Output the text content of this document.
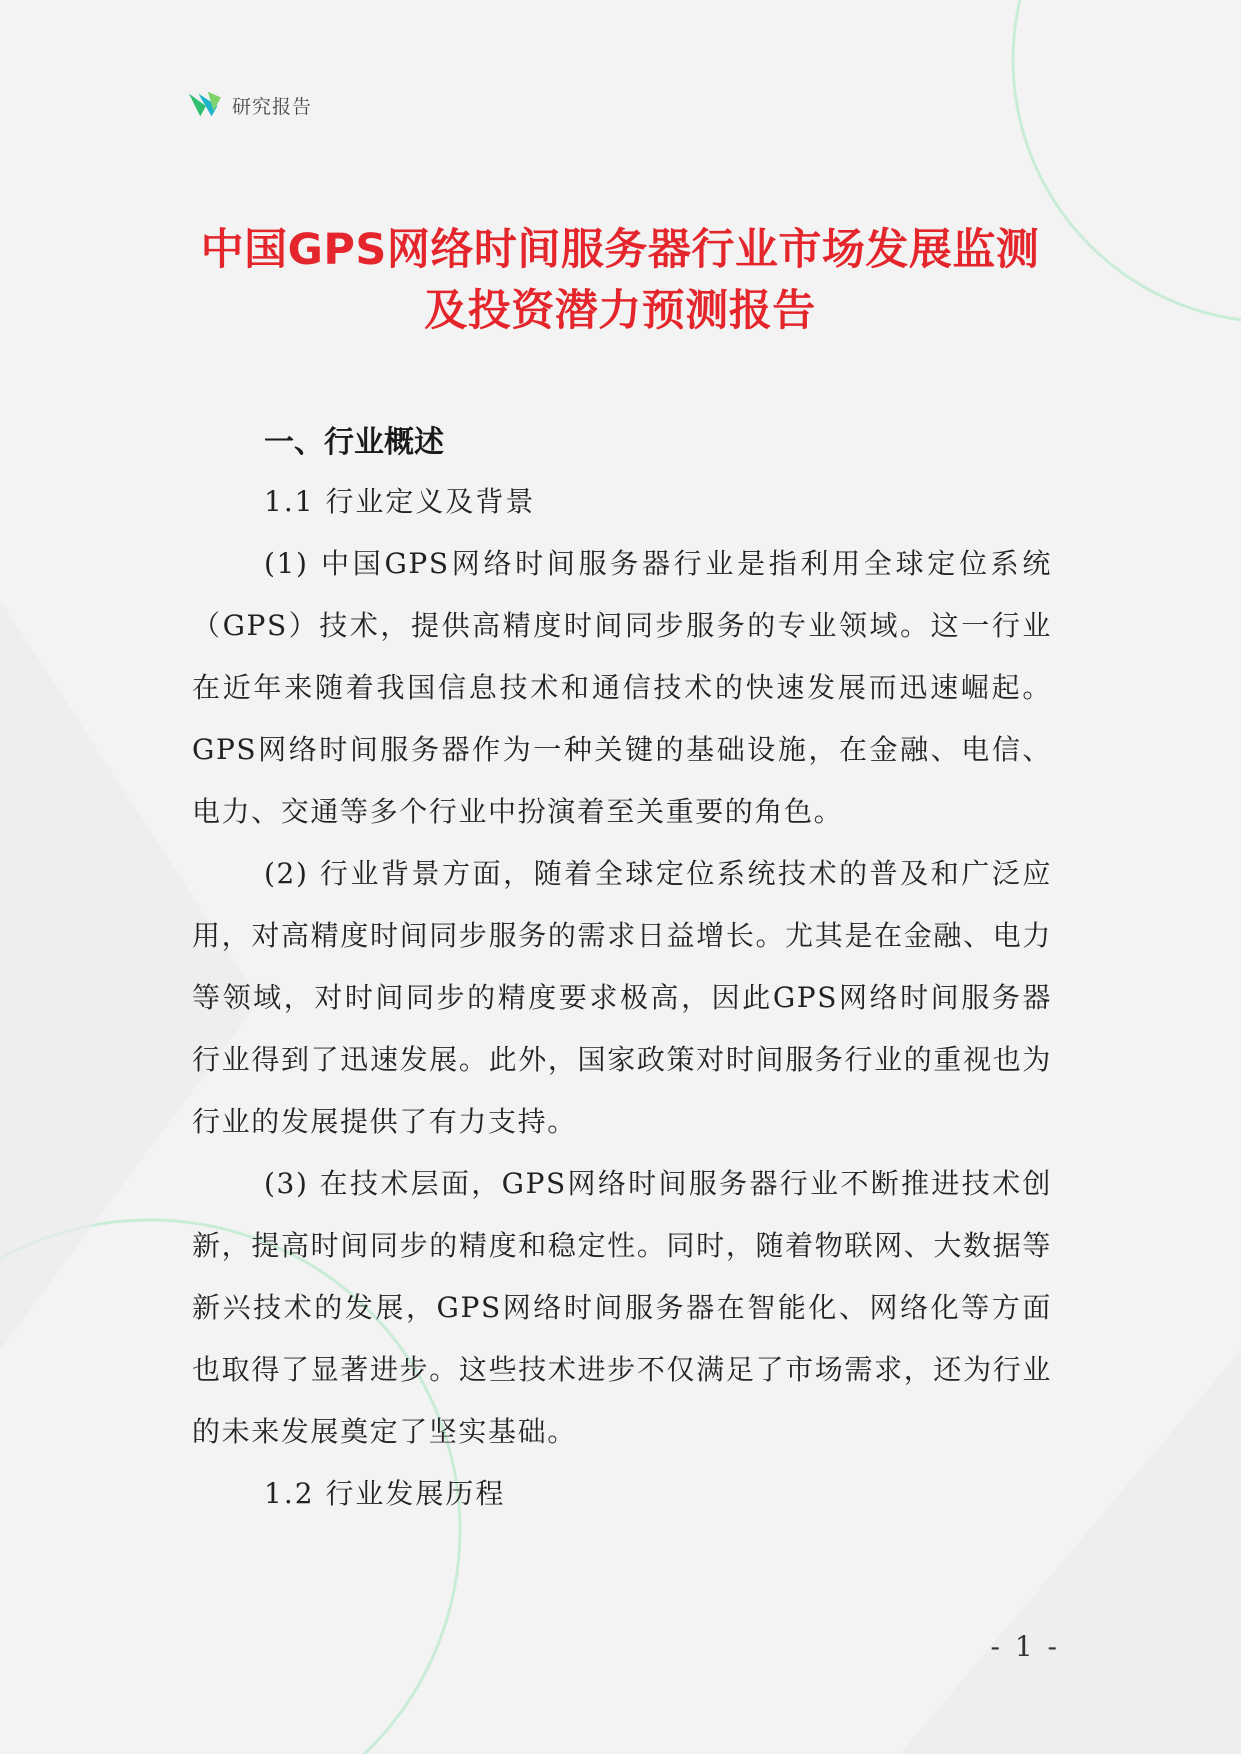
研究报告
中国GPS网络时间服务器行业市场发展监测
及投资潜力预测报告
一、行业概述
1.1 行业定义及背景

(1) 中国GPS网络时间服务器行业是指利用全球定位系统（GPS）技术，提供高精度时间同步服务的专业领域。这一行业在近年来随着我国信息技术和通信技术的快速发展而迅速崛起。GPS网络时间服务器作为一种关键的基础设施，在金融、电信、电力、交通等多个行业中扮演着至关重要的角色。

(2) 行业背景方面，随着全球定位系统技术的普及和广泛应用，对高精度时间同步服务的需求日益增长。尤其是在金融、电力等领域，对时间同步的精度要求极高，因此GPS网络时间服务器行业得到了迅速发展。此外，国家政策对时间服务行业的重视也为行业的发展提供了有力支持。

(3) 在技术层面，GPS网络时间服务器行业不断推进技术创新，提高时间同步的精度和稳定性。同时，随着物联网、大数据等新兴技术的发展，GPS网络时间服务器在智能化、网络化等方面也取得了显著进步。这些技术进步不仅满足了市场需求，还为行业的未来发展奠定了坚实基础。

1.2 行业发展历程
- 1 -
